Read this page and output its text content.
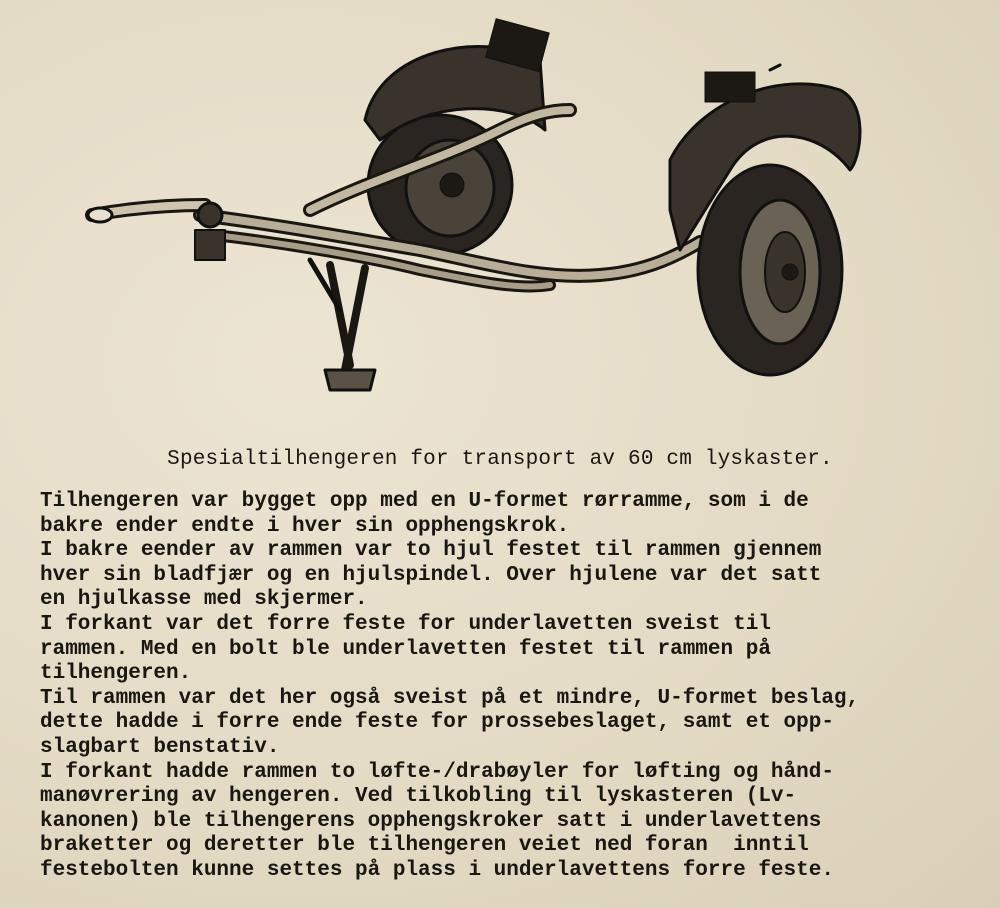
Spesialtilhengeren for transport av 60 cm lyskaster.

Tilhengeren var bygget opp med en U-formet rørramme, som i de

bakre ender endte i hver sin opphengskrok.

I bakre eender av rammen var to hjul festet til rammen gjennem

hver sin bladfjær og en hjulspindel. Over hjulene var det satt

en hjulkasse med skjermer.

I forkant var det forre feste for underlavetten sveist til

rammen. Med en bolt ble underlavetten festet til rammen på

tilhengeren.

Til rammen var det her også sveist på et mindre, U-formet beslag,

dette hadde i forre ende feste for prossebeslaget, samt et opp-

slagbart benstativ.

I forkant hadde rammen to løfte-/drabøyler for løfting og hånd-

manøvrering av hengeren. Ved tilkobling til lyskasteren (Lv-

kanonen) ble tilhengerens opphengskroker satt i underlavettens

braketter og deretter ble tilhengeren veiet ned foran  inntil

festebolten kunne settes på plass i underlavettens forre feste.
